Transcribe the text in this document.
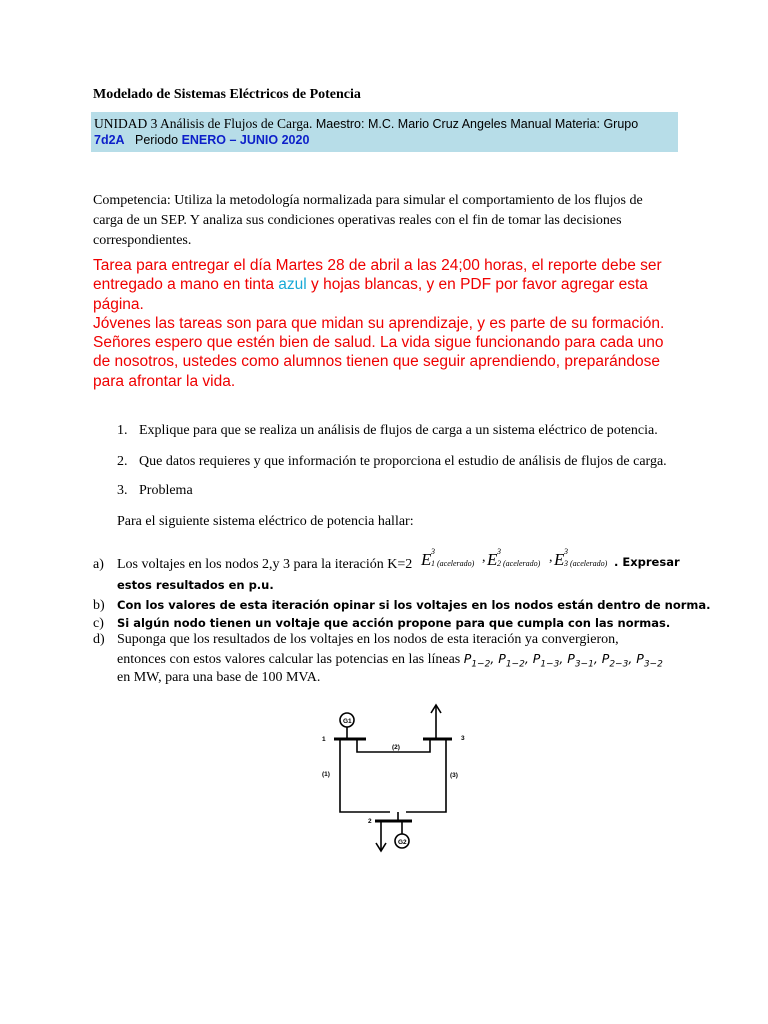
Modelado de Sistemas Eléctricos de Potencia
UNIDAD 3 Análisis de Flujos de Carga. Maestro: M.C. Mario Cruz Angeles Manual Materia: Grupo
7d2A   Periodo ENERO – JUNIO 2020
Competencia: Utiliza la metodología normalizada para simular el comportamiento de los flujos de carga de un SEP. Y analiza sus condiciones operativas reales con el fin de tomar las decisiones correspondientes.
Tarea para entregar el día Martes 28 de abril a las 24;00 horas, el reporte debe ser entregado a mano en tinta azul y hojas blancas, y en PDF por favor agregar esta página.
Jóvenes las tareas son para que midan su aprendizaje, y es parte de su formación. Señores espero que estén bien de salud. La vida sigue funcionando para cada uno de nosotros, ustedes como alumnos tienen que seguir aprendiendo, preparándose para afrontar la vida.
1. Explique para que se realiza un análisis de flujos de carga a un sistema eléctrico de potencia.
2. Que datos requieres y que información te proporciona el estudio de análisis de flujos de carga.
3. Problema
Para el siguiente sistema eléctrico de potencia hallar:
a) Los voltajes en los nodos 2,y 3 para la iteración K=2 E 3
1 (acelerado) , E 3
2 (acelerado) , E 3
3 (acelerado) . Expresar
estos resultados en p.u.
b) Con los valores de esta iteración opinar si los voltajes en los nodos están dentro de norma.
c) Si algún nodo tienen un voltaje que acción propone para que cumpla con las normas.
d) Suponga que los resultados de los voltajes en los nodos de esta iteración ya convergieron,
entonces con estos valores calcular las potencias en las líneas $P_{1-2}$, $P_{1-2}$, $P_{1-3}$, $P_{3-1}$, $P_{2-3}$, $P_{3-2}$
en MW, para una base de 100 MVA.
G1
G2
1
2
3
(1)
(2)
(3)
